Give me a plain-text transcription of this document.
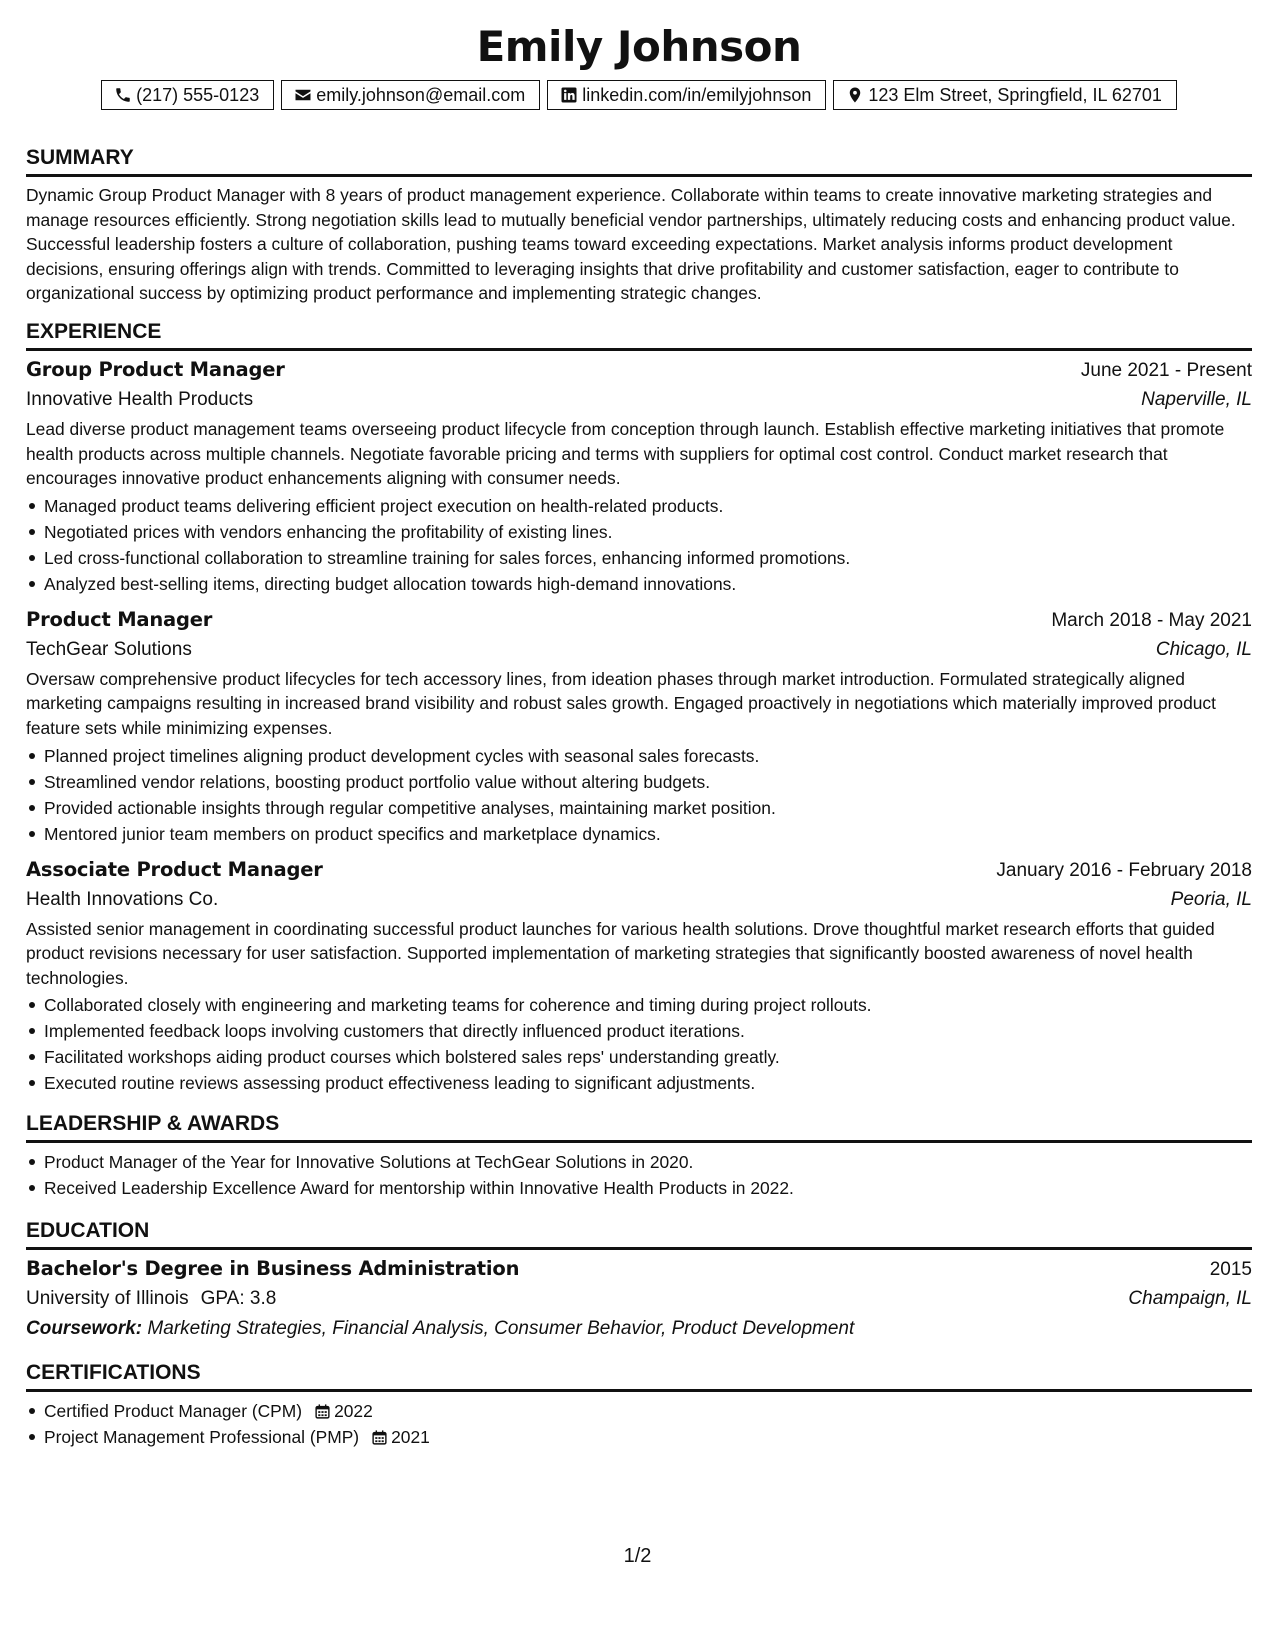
Emily Johnson
(217) 555-0123	emily.johnson@email.com	linkedin.com/in/emilyjohnson	123 Elm Street, Springfield, IL 62701
SUMMARY

Dynamic Group Product Manager with 8 years of product management experience. Collaborate within teams to create innovative marketing strategies and manage resources efficiently. Strong negotiation skills lead to mutually beneficial vendor partnerships, ultimately reducing costs and enhancing product value. Successful leadership fosters a culture of collaboration, pushing teams toward exceeding expectations. Market analysis informs product development decisions, ensuring offerings align with trends. Committed to leveraging insights that drive profitability and customer satisfaction, eager to contribute to organizational success by optimizing product performance and implementing strategic changes.

EXPERIENCE
Group Product Manager	June 2021 - Present
Innovative Health Products	Naperville, IL

Lead diverse product management teams overseeing product lifecycle from conception through launch. Establish effective marketing initiatives that promote health products across multiple channels. Negotiate favorable pricing and terms with suppliers for optimal cost control. Conduct market research that encourages innovative product enhancements aligning with consumer needs.

Managed product teams delivering efficient project execution on health-related products.
Negotiated prices with vendors enhancing the profitability of existing lines.
Led cross-functional collaboration to streamline training for sales forces, enhancing informed promotions.
Analyzed best-selling items, directing budget allocation towards high-demand innovations.
Product Manager	March 2018 - May 2021
TechGear Solutions	Chicago, IL

Oversaw comprehensive product lifecycles for tech accessory lines, from ideation phases through market introduction. Formulated strategically aligned marketing campaigns resulting in increased brand visibility and robust sales growth. Engaged proactively in negotiations which materially improved product feature sets while minimizing expenses.

Planned project timelines aligning product development cycles with seasonal sales forecasts.
Streamlined vendor relations, boosting product portfolio value without altering budgets.
Provided actionable insights through regular competitive analyses, maintaining market position.
Mentored junior team members on product specifics and marketplace dynamics.
Associate Product Manager	January 2016 - February 2018
Health Innovations Co.	Peoria, IL

Assisted senior management in coordinating successful product launches for various health solutions. Drove thoughtful market research efforts that guided product revisions necessary for user satisfaction. Supported implementation of marketing strategies that significantly boosted awareness of novel health technologies.

Collaborated closely with engineering and marketing teams for coherence and timing during project rollouts.
Implemented feedback loops involving customers that directly influenced product iterations.
Facilitated workshops aiding product courses which bolstered sales reps' understanding greatly.
Executed routine reviews assessing product effectiveness leading to significant adjustments.
LEADERSHIP & AWARDS
Product Manager of the Year for Innovative Solutions at TechGear Solutions in 2020.
Received Leadership Excellence Award for mentorship within Innovative Health Products in 2022.
EDUCATION
Bachelor's Degree in Business Administration	2015
University of Illinois GPA: 3.8	Champaign, IL
Coursework: Marketing Strategies, Financial Analysis, Consumer Behavior, Product Development
CERTIFICATIONS
Certified Product Manager (CPM) 2022
Project Management Professional (PMP) 2021
1/2
